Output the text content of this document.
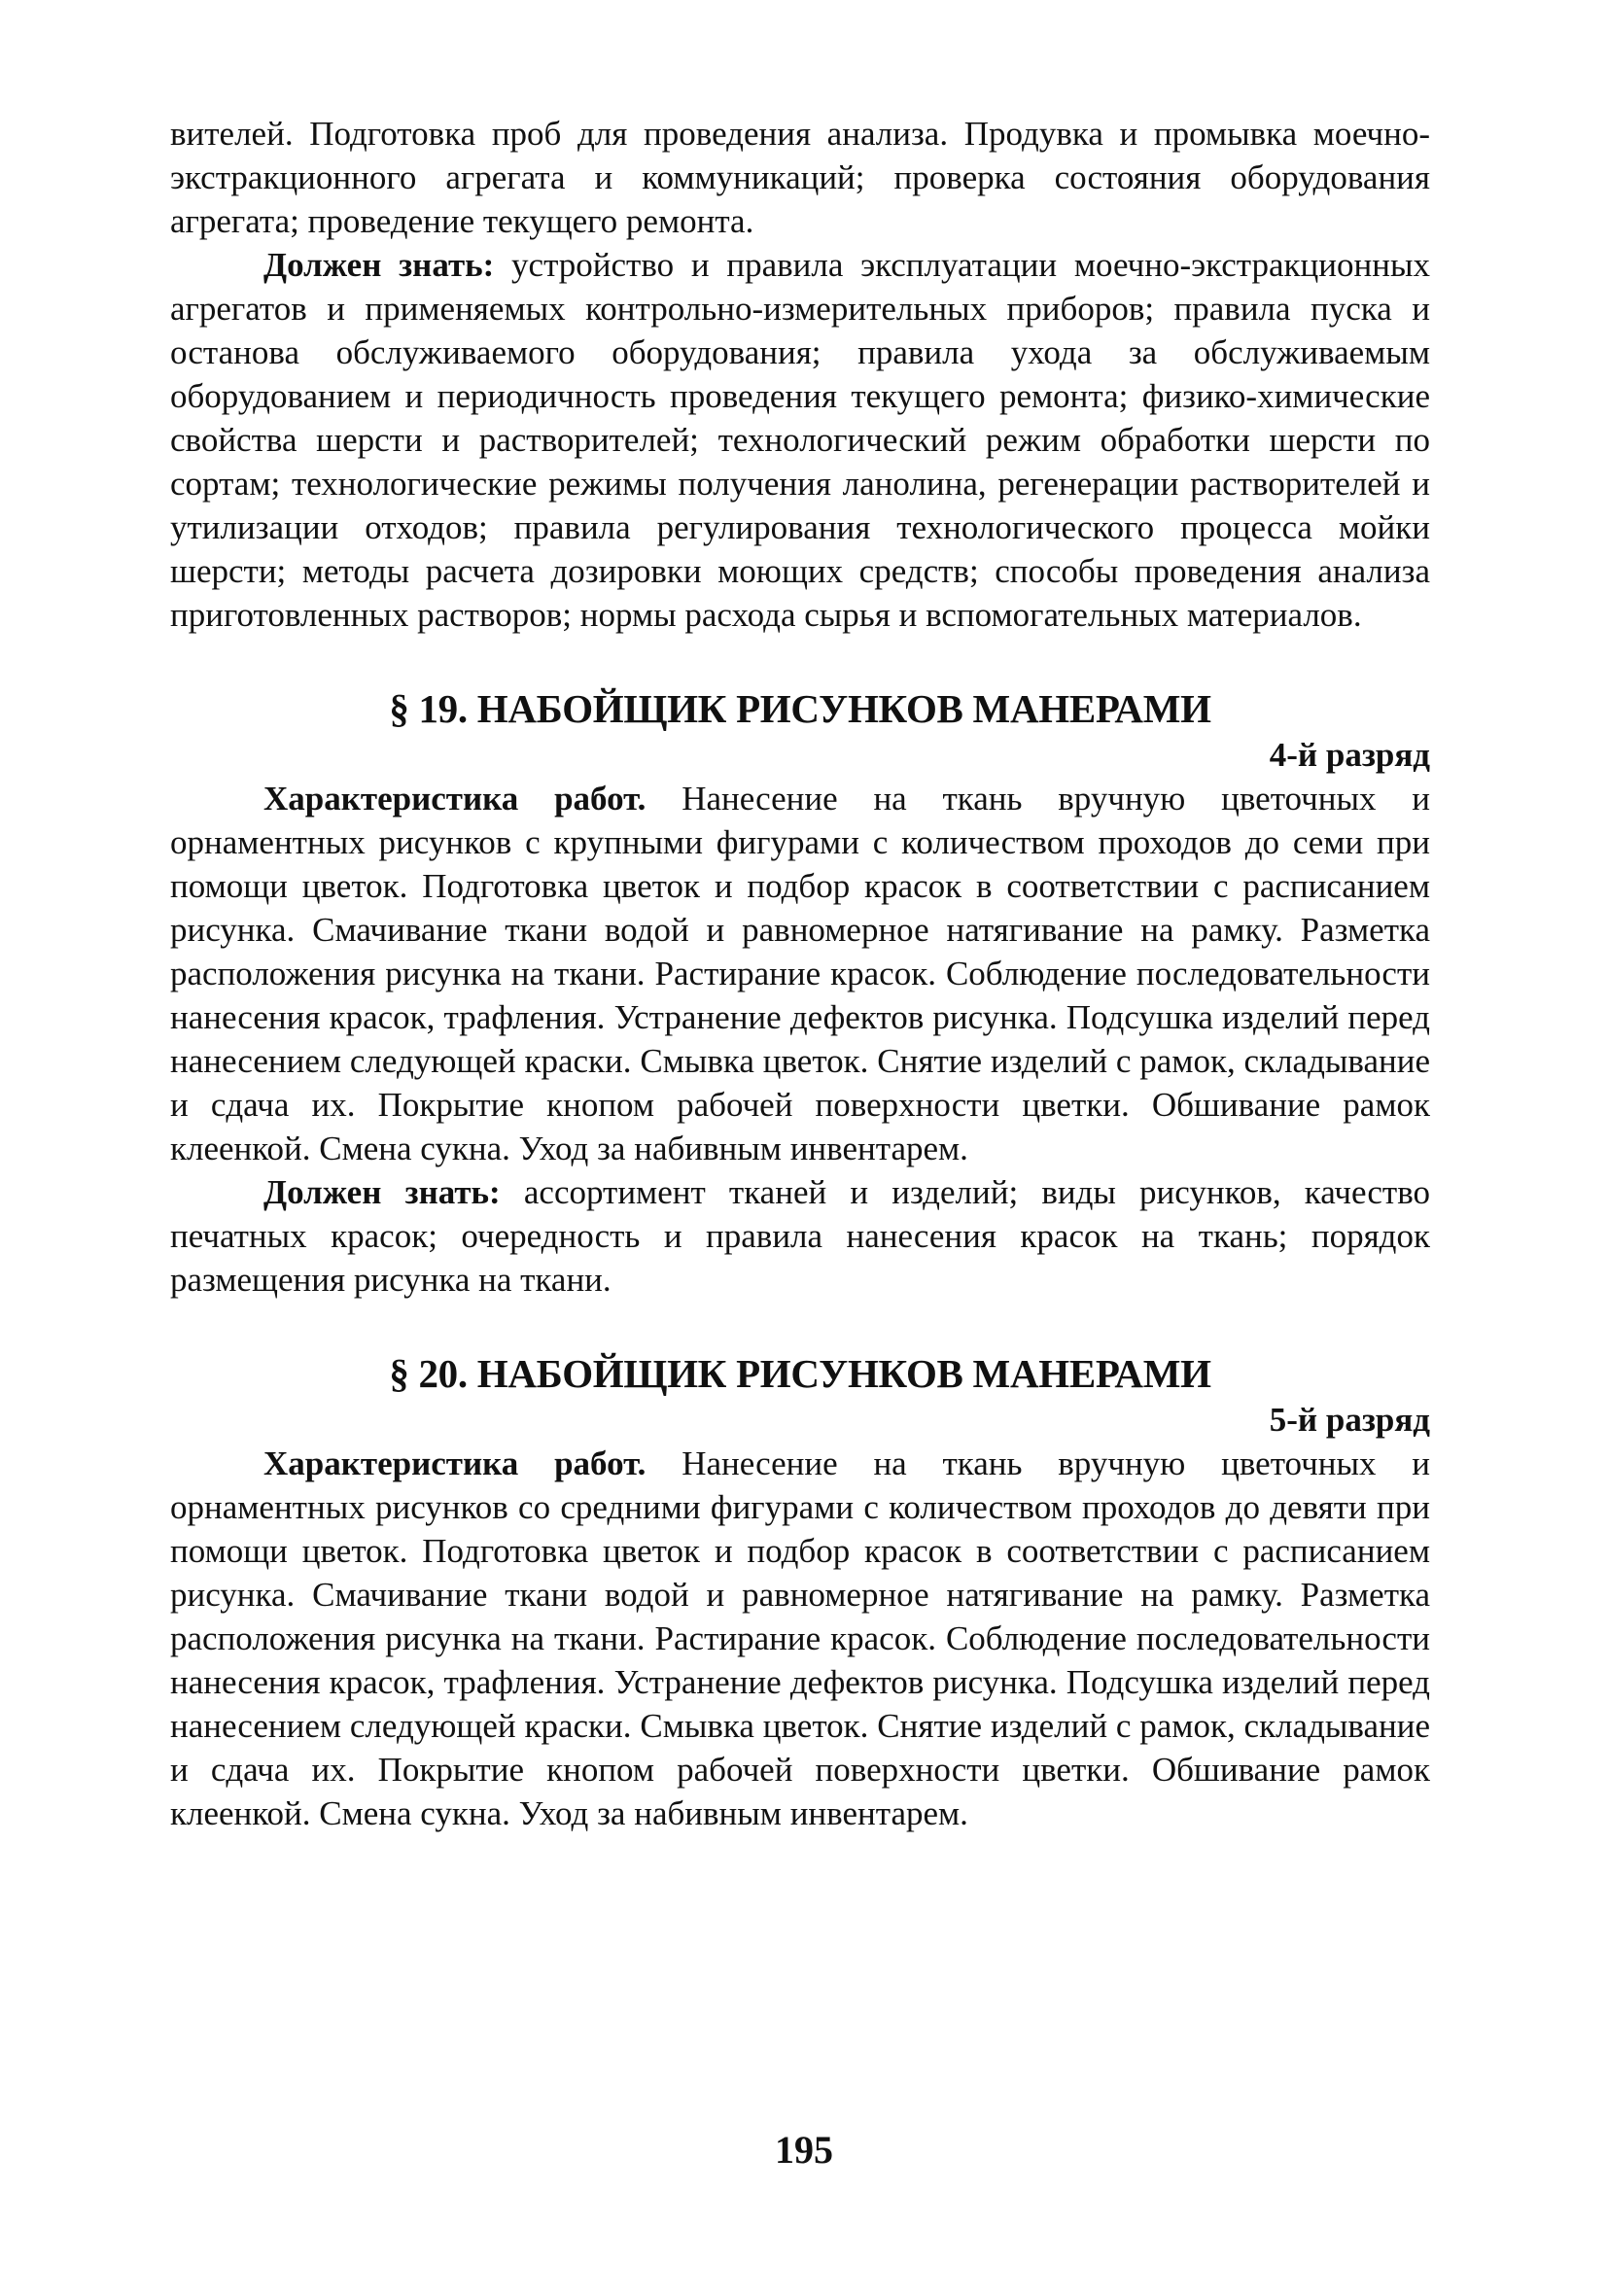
вителей. Подготовка проб для проведения анализа. Продувка и промывка моечно-экстракционного агрегата и коммуникаций; проверка состояния оборудования агрегата; проведение текущего ремонта.

Должен знать: устройство и правила эксплуатации моечно-экстракционных агрегатов и применяемых контрольно-измерительных приборов; правила пуска и останова обслуживаемого оборудования; правила ухода за обслуживаемым оборудованием и периодичность проведения текущего ремонта; физико-химические свойства шерсти и растворителей; технологический режим обработки шерсти по сортам; технологические режимы получения ланолина, регенерации растворителей и утилизации отходов; правила регулирования технологического процесса мойки шерсти; методы расчета дозировки моющих средств; способы проведения анализа приготовленных растворов; нормы расхода сырья и вспомогательных материалов.

§ 19. НАБОЙЩИК РИСУНКОВ МАНЕРАМИ
4-й разряд

Характеристика работ. Нанесение на ткань вручную цветочных и орнаментных рисунков с крупными фигурами с количеством проходов до семи при помощи цветок. Подготовка цветок и подбор красок в соответствии с расписанием рисунка. Смачивание ткани водой и равномерное натягивание на рамку. Разметка расположения рисунка на ткани. Растирание красок. Соблюдение последовательности нанесения красок, трафления. Устранение дефектов рисунка. Подсушка изделий перед нанесением следующей краски. Смывка цветок. Снятие изделий с рамок, складывание и сдача их. Покрытие кнопом рабочей поверхности цветки. Обшивание рамок клеенкой. Смена сукна. Уход за набивным инвентарем.

Должен знать: ассортимент тканей и изделий; виды рисунков, качество печатных красок; очередность и правила нанесения красок на ткань; порядок размещения рисунка на ткани.

§ 20. НАБОЙЩИК РИСУНКОВ МАНЕРАМИ
5-й разряд

Характеристика работ. Нанесение на ткань вручную цветочных и орнаментных рисунков со средними фигурами с количеством проходов до девяти при помощи цветок. Подготовка цветок и подбор красок в соответствии с расписанием рисунка. Смачивание ткани водой и равномерное натягивание на рамку. Разметка расположения рисунка на ткани. Растирание красок. Соблюдение последовательности нанесения красок, трафления. Устранение дефектов рисунка. Подсушка изделий перед нанесением следующей краски. Смывка цветок. Снятие изделий с рамок, складывание и сдача их. Покрытие кнопом рабочей поверхности цветки. Обшивание рамок клеенкой. Смена сукна. Уход за набивным инвентарем.

195
